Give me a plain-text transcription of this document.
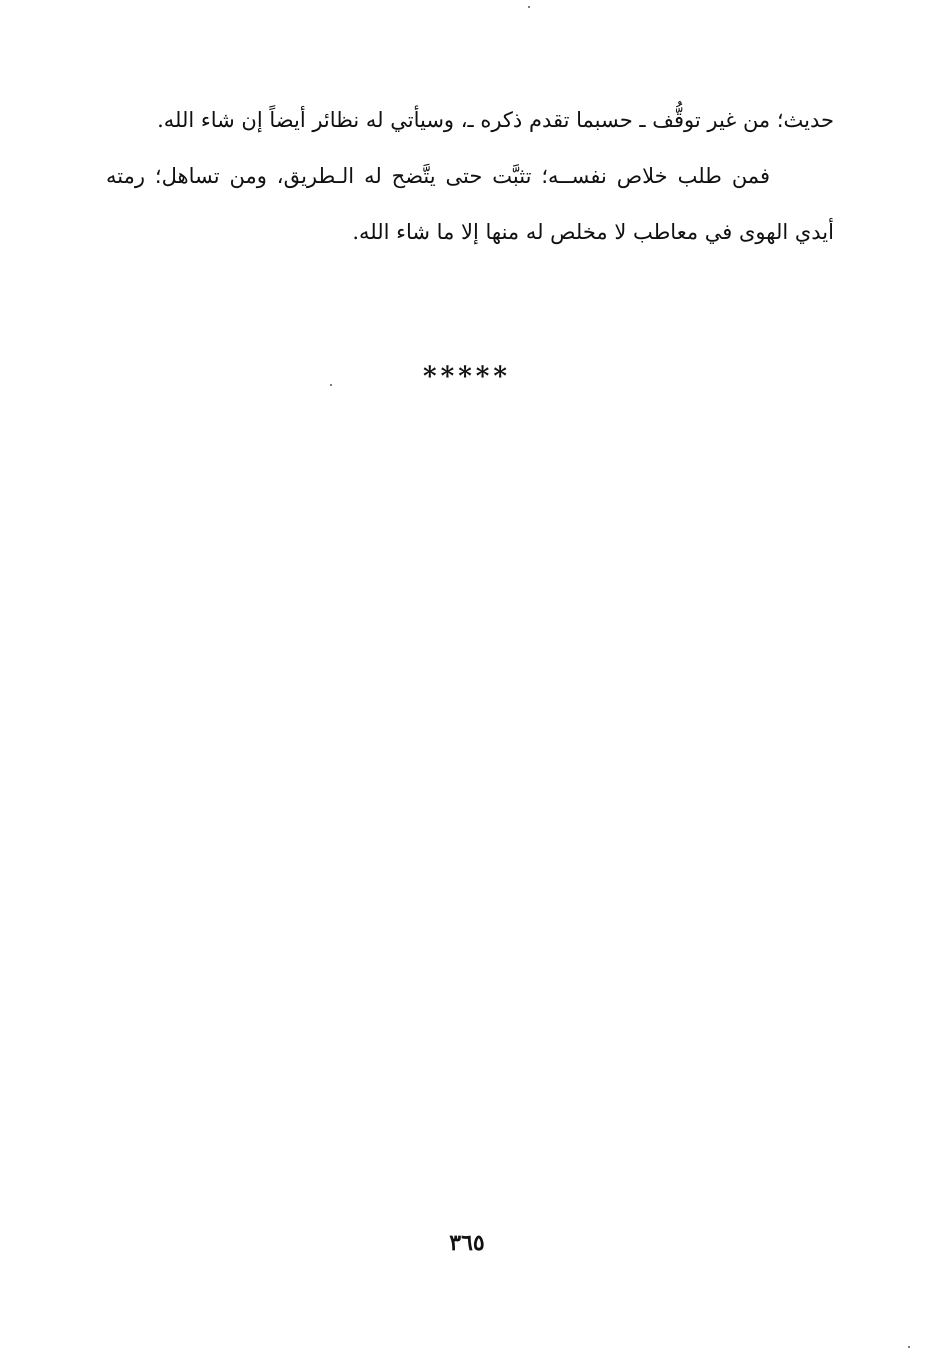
حديث؛ من غير توقُّف ـ حسبما تقدم ذكره ـ، وسيأتي له نظائر أيضاً إن شاء الله.

فمن طلب خلاص نفســه؛ تثبَّت حتى يتَّضح له الـطريق، ومن تساهل؛ رمته أيدي الهوى في معاطب لا مخلص له منها إلا ما شاء الله.

*****
٣٦٥
